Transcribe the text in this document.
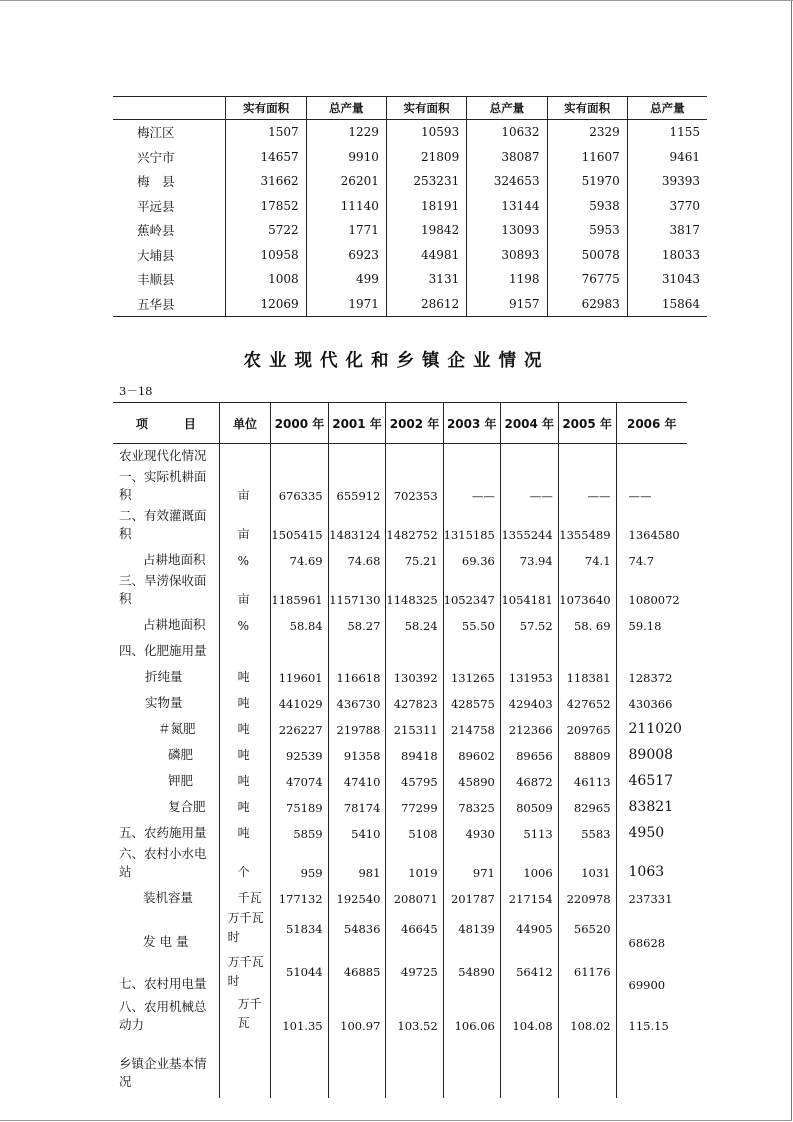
	实有面积	总产量	实有面积	总产量	实有面积	总产量
梅江区	1507	1229	10593	10632	2329	1155
兴宁市	14657	9910	21809	38087	11607	9461
梅　县	31662	26201	253231	324653	51970	39393
平远县	17852	11140	18191	13144	5938	3770
蕉岭县	5722	1771	19842	13093	5953	3817
大埔县	10958	6923	44981	30893	50078	18033
丰顺县	1008	499	3131	1198	76775	31043
五华县	12069	1971	28612	9157	62983	15864
农业现代化和乡镇企业情况
3－18
项　　　目	单位	2000 年	2001 年	2002 年	2003 年	2004 年	2005 年	2006 年
农业现代化情况								
一、实际机耕面积	亩	676335	655912	702353	——	——	——	——
二、有效灌溉面积	亩	1505415	1483124	1482752	1315185	1355244	1355489	1364580
占耕地面积	%	74.69	74.68	75.21	69.36	73.94	74.1	74.7
三、旱涝保收面积	亩	1185961	1157130	1148325	1052347	1054181	1073640	1080072
占耕地面积	%	58.84	58.27	58.24	55.50	57.52	58. 69	59.18
四、化肥施用量								
折纯量	吨	119601	116618	130392	131265	131953	118381	128372
实物量	吨	441029	436730	427823	428575	429403	427652	430366
＃氮肥	吨	226227	219788	215311	214758	212366	209765	211020
磷肥	吨	92539	91358	89418	89602	89656	88809	89008
钾肥	吨	47074	47410	45795	45890	46872	46113	46517
复合肥	吨	75189	78174	77299	78325	80509	82965	83821
五、农药施用量	吨	5859	5410	5108	4930	5113	5583	4950
六、农村小水电站	个	959	981	1019	971	1006	1031	1063
装机容量	千瓦	177132	192540	208071	201787	217154	220978	237331
发 电 量	万千瓦时	51834	54836	46645	48139	44905	56520	68628
七、农村用电量	万千瓦时	51044	46885	49725	54890	56412	61176	69900
八、农用机械总动力	万千瓦	101.35	100.97	103.52	106.06	104.08	108.02	115.15
乡镇企业基本情况								
